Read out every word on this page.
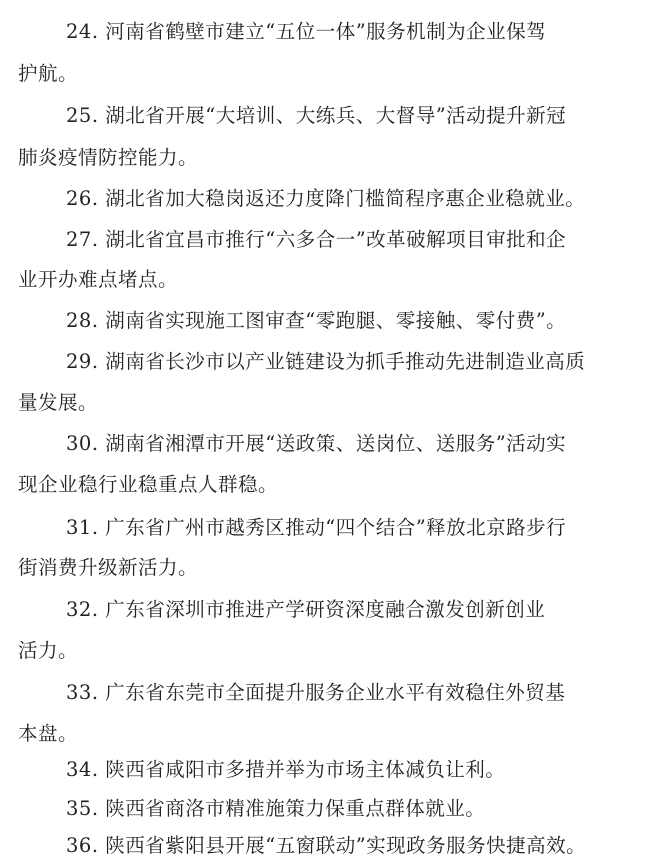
24. 河南省鹤壁市建立“五位一体”服务机制为企业保驾
护航。
25. 湖北省开展“大培训、大练兵、大督导”活动提升新冠
肺炎疫情防控能力。
26. 湖北省加大稳岗返还力度降门槛简程序惠企业稳就业。
27. 湖北省宜昌市推行“六多合一”改革破解项目审批和企
业开办难点堵点。
28. 湖南省实现施工图审查“零跑腿、零接触、零付费”。
29. 湖南省长沙市以产业链建设为抓手推动先进制造业高质
量发展。
30. 湖南省湘潭市开展“送政策、送岗位、送服务”活动实
现企业稳行业稳重点人群稳。
31. 广东省广州市越秀区推动“四个结合”释放北京路步行
街消费升级新活力。
32. 广东省深圳市推进产学研资深度融合激发创新创业
活力。
33. 广东省东莞市全面提升服务企业水平有效稳住外贸基
本盘。
34. 陕西省咸阳市多措并举为市场主体减负让利。
35. 陕西省商洛市精准施策力保重点群体就业。
36. 陕西省紫阳县开展“五窗联动”实现政务服务快捷高效。
